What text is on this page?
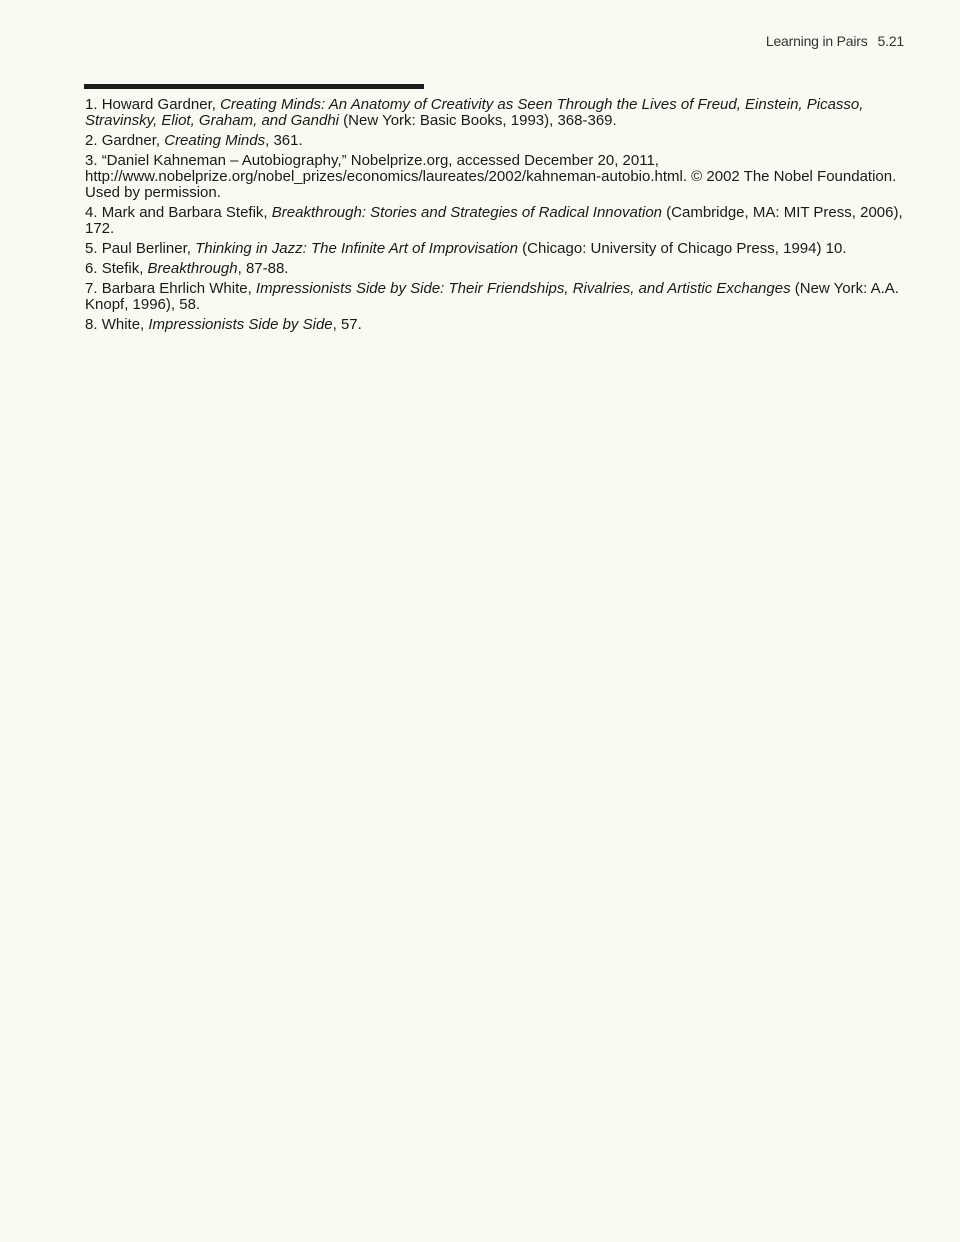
Learning in Pairs 5.21

1. Howard Gardner, Creating Minds: An Anatomy of Creativity as Seen Through the Lives of Freud, Einstein, Picasso, Stravinsky, Eliot, Graham, and Gandhi (New York: Basic Books, 1993), 368-369.

2. Gardner, Creating Minds, 361.

3. “Daniel Kahneman – Autobiography,” Nobelprize.org, accessed December 20, 2011, http://www.nobelprize.org/nobel_prizes/economics/laureates/2002/kahneman-autobio.html. © 2002 The Nobel Foundation. Used by permission.

4. Mark and Barbara Stefik, Breakthrough: Stories and Strategies of Radical Innovation (Cambridge, MA: MIT Press, 2006), 172.

5. Paul Berliner, Thinking in Jazz: The Infinite Art of Improvisation (Chicago: University of Chicago Press, 1994) 10.

6. Stefik, Breakthrough, 87-88.

7. Barbara Ehrlich White, Impressionists Side by Side: Their Friendships, Rivalries, and Artistic Exchanges (New York: A.A. Knopf, 1996), 58.

8. White, Impressionists Side by Side, 57.
